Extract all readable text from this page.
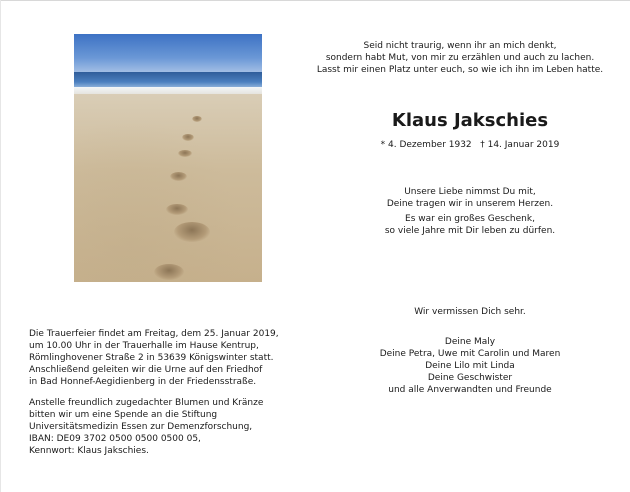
Seid nicht traurig, wenn ihr an mich denkt,
sondern habt Mut, von mir zu erzählen und auch zu lachen.
Lasst mir einen Platz unter euch, so wie ich ihn im Leben hatte.
Klaus Jakschies
* 4. Dezember 1932   † 14. Januar 2019
Unsere Liebe nimmst Du mit,
Deine tragen wir in unserem Herzen.
Es war ein großes Geschenk,
so viele Jahre mit Dir leben zu dürfen.
Wir vermissen Dich sehr.
Deine Maly
Deine Petra, Uwe mit Carolin und Maren
Deine Lilo mit Linda
Deine Geschwister
und alle Anverwandten und Freunde
Die Trauerfeier findet am Freitag, dem 25. Januar 2019,
um 10.00 Uhr in der Trauerhalle im Hause Kentrup,
Römlinghovener Straße 2 in 53639 Königswinter statt.
Anschließend geleiten wir die Urne auf den Friedhof
in Bad Honnef-Aegidienberg in der Friedensstraße.
Anstelle freundlich zugedachter Blumen und Kränze
bitten wir um eine Spende an die Stiftung
Universitätsmedizin Essen zur Demenzforschung,
IBAN: DE09 3702 0500 0500 0500 05,
Kennwort: Klaus Jakschies.
